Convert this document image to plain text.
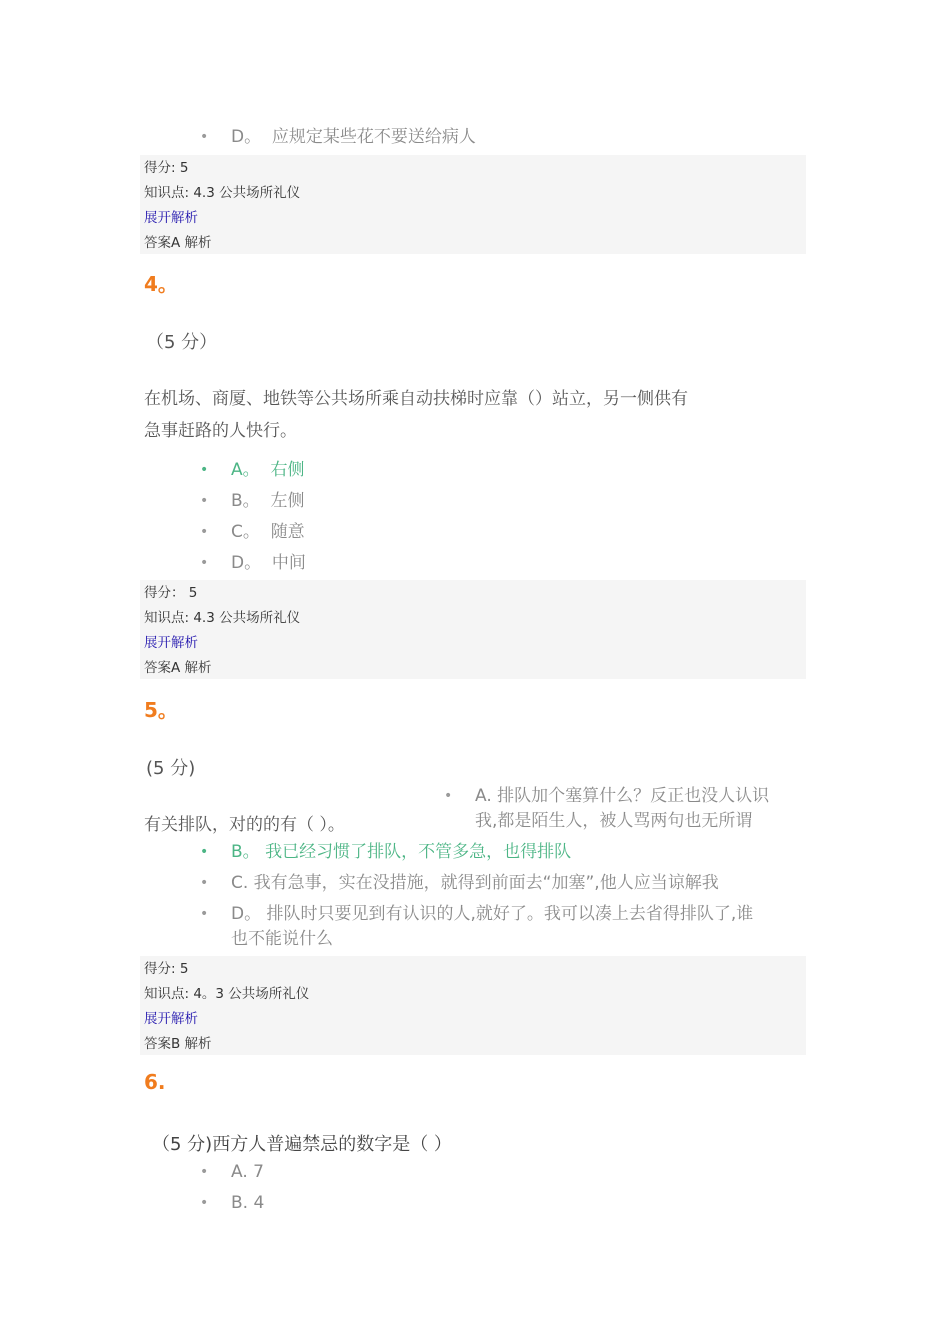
•	D。 应规定某些花不要送给病人
得分: 5
知识点: 4.3 公共场所礼仪
展开解析
答案A 解析
4。
（5 分）
在机场、商厦、地铁等公共场所乘自动扶梯时应靠（）站立，另一侧供有
急事赶路的人快行。
•	A。 右侧
•	B。 左侧
•	C。 随意
•	D。 中间
得分： 5
知识点: 4.3 公共场所礼仪
展开解析
答案A 解析
5。
(5 分)
有关排队，对的的有（ ）。
•	A. 排队加个塞算什么？反正也没人认识
我,都是陌生人，被人骂两句也无所谓
•	B。 我已经习惯了排队，不管多急，也得排队
•	C. 我有急事，实在没措施，就得到前面去“加塞”,他人应当谅解我
•	D。 排队时只要见到有认识的人,就好了。我可以凑上去省得排队了,谁
也不能说什么
得分: 5
知识点: 4。3 公共场所礼仪
展开解析
答案B 解析
6.
（5 分)西方人普遍禁忌的数字是（ ）
•	A. 7
•	B. 4
